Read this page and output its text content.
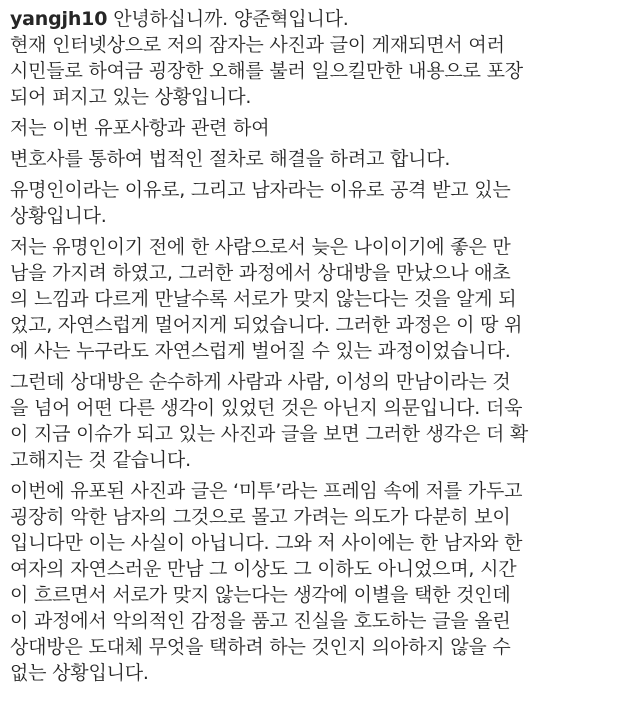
yangjh10 안녕하십니까. 양준혁입니다.
현재 인터넷상으로 저의 잠자는 사진과 글이 게재되면서 여러
시민들로 하여금 굉장한 오해를 불러 일으킬만한 내용으로 포장
되어 퍼지고 있는 상황입니다.
저는 이번 유포사항과 관련 하여
변호사를 통하여 법적인 절차로 해결을 하려고 합니다.
유명인이라는 이유로, 그리고 남자라는 이유로 공격 받고 있는
상황입니다.
저는 유명인이기 전에 한 사람으로서 늦은 나이이기에 좋은 만
남을 가지려 하였고, 그러한 과정에서 상대방을 만났으나 애초
의 느낌과 다르게 만날수록 서로가 맞지 않는다는 것을 알게 되
었고, 자연스럽게 멀어지게 되었습니다. 그러한 과정은 이 땅 위
에 사는 누구라도 자연스럽게 벌어질 수 있는 과정이었습니다.
그런데 상대방은 순수하게 사람과 사람, 이성의 만남이라는 것
을 넘어 어떤 다른 생각이 있었던 것은 아닌지 의문입니다. 더욱
이 지금 이슈가 되고 있는 사진과 글을 보면 그러한 생각은 더 확
고해지는 것 같습니다.
이번에 유포된 사진과 글은 ‘미투’라는 프레임 속에 저를 가두고
굉장히 악한 남자의 그것으로 몰고 가려는 의도가 다분히 보이
입니다만 이는 사실이 아닙니다. 그와 저 사이에는 한 남자와 한
여자의 자연스러운 만남 그 이상도 그 이하도 아니었으며, 시간
이 흐르면서 서로가 맞지 않는다는 생각에 이별을 택한 것인데
이 과정에서 악의적인 감정을 품고 진실을 호도하는 글을 올린
상대방은 도대체 무엇을 택하려 하는 것인지 의아하지 않을 수
없는 상황입니다.
